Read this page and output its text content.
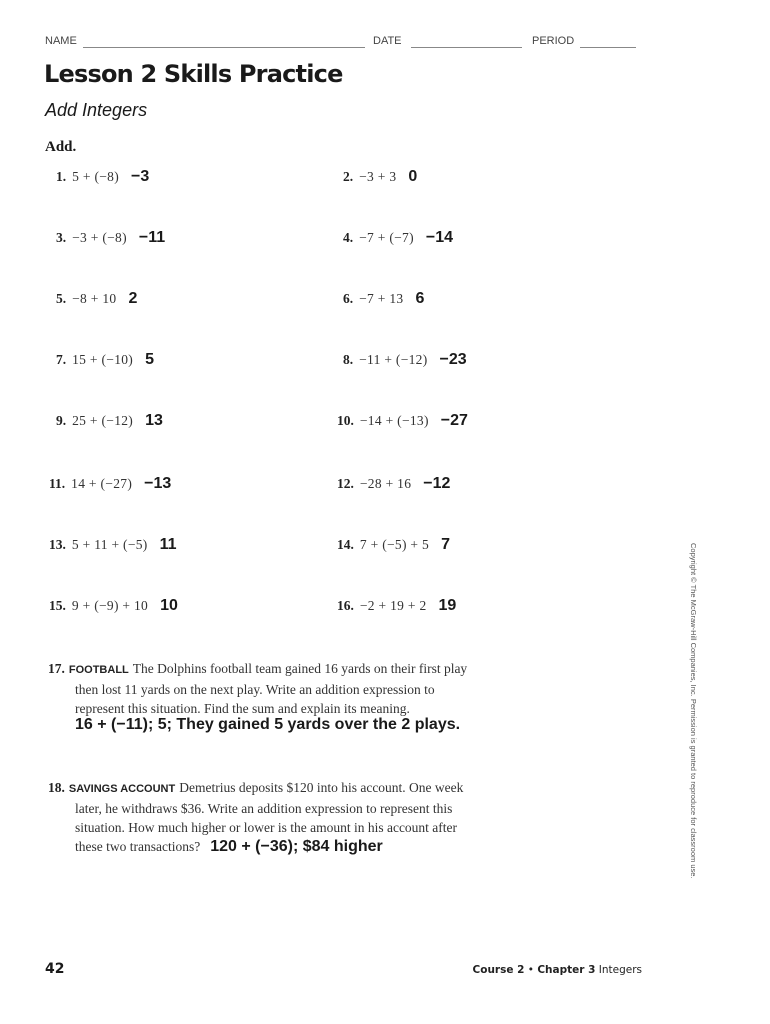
NAME	DATE	PERIOD
Lesson 2 Skills Practice
Add Integers
Add.
1. 5 + (−8) −3	2. −3 + 3 0
3. −3 + (−8) −11	4. −7 + (−7) −14
5. −8 + 10 2	6. −7 + 13 6
7. 15 + (−10) 5	8. −11 + (−12) −23
9. 25 + (−12) 13	10. −14 + (−13) −27
11. 14 + (−27) −13	12. −28 + 16 −12
13. 5 + 11 + (−5) 11	14. 7 + (−5) + 5 7
15. 9 + (−9) + 10 10	16. −2 + 19 + 2 19
17. FOOTBALL The Dolphins football team gained 16 yards on their first play
then lost 11 yards on the next play. Write an addition expression to
represent this situation. Find the sum and explain its meaning.
16 + (−11); 5; They gained 5 yards over the 2 plays.
18. SAVINGS ACCOUNT Demetrius deposits $120 into his account. One week
later, he withdraws $36. Write an addition expression to represent this
situation. How much higher or lower is the amount in his account after
these two transactions? 120 + (−36); $84 higher	Copyright © The McGraw-Hill Companies, Inc. Permission is granted to reproduce for classroom use.
42	Course 2 • Chapter 3 Integers
